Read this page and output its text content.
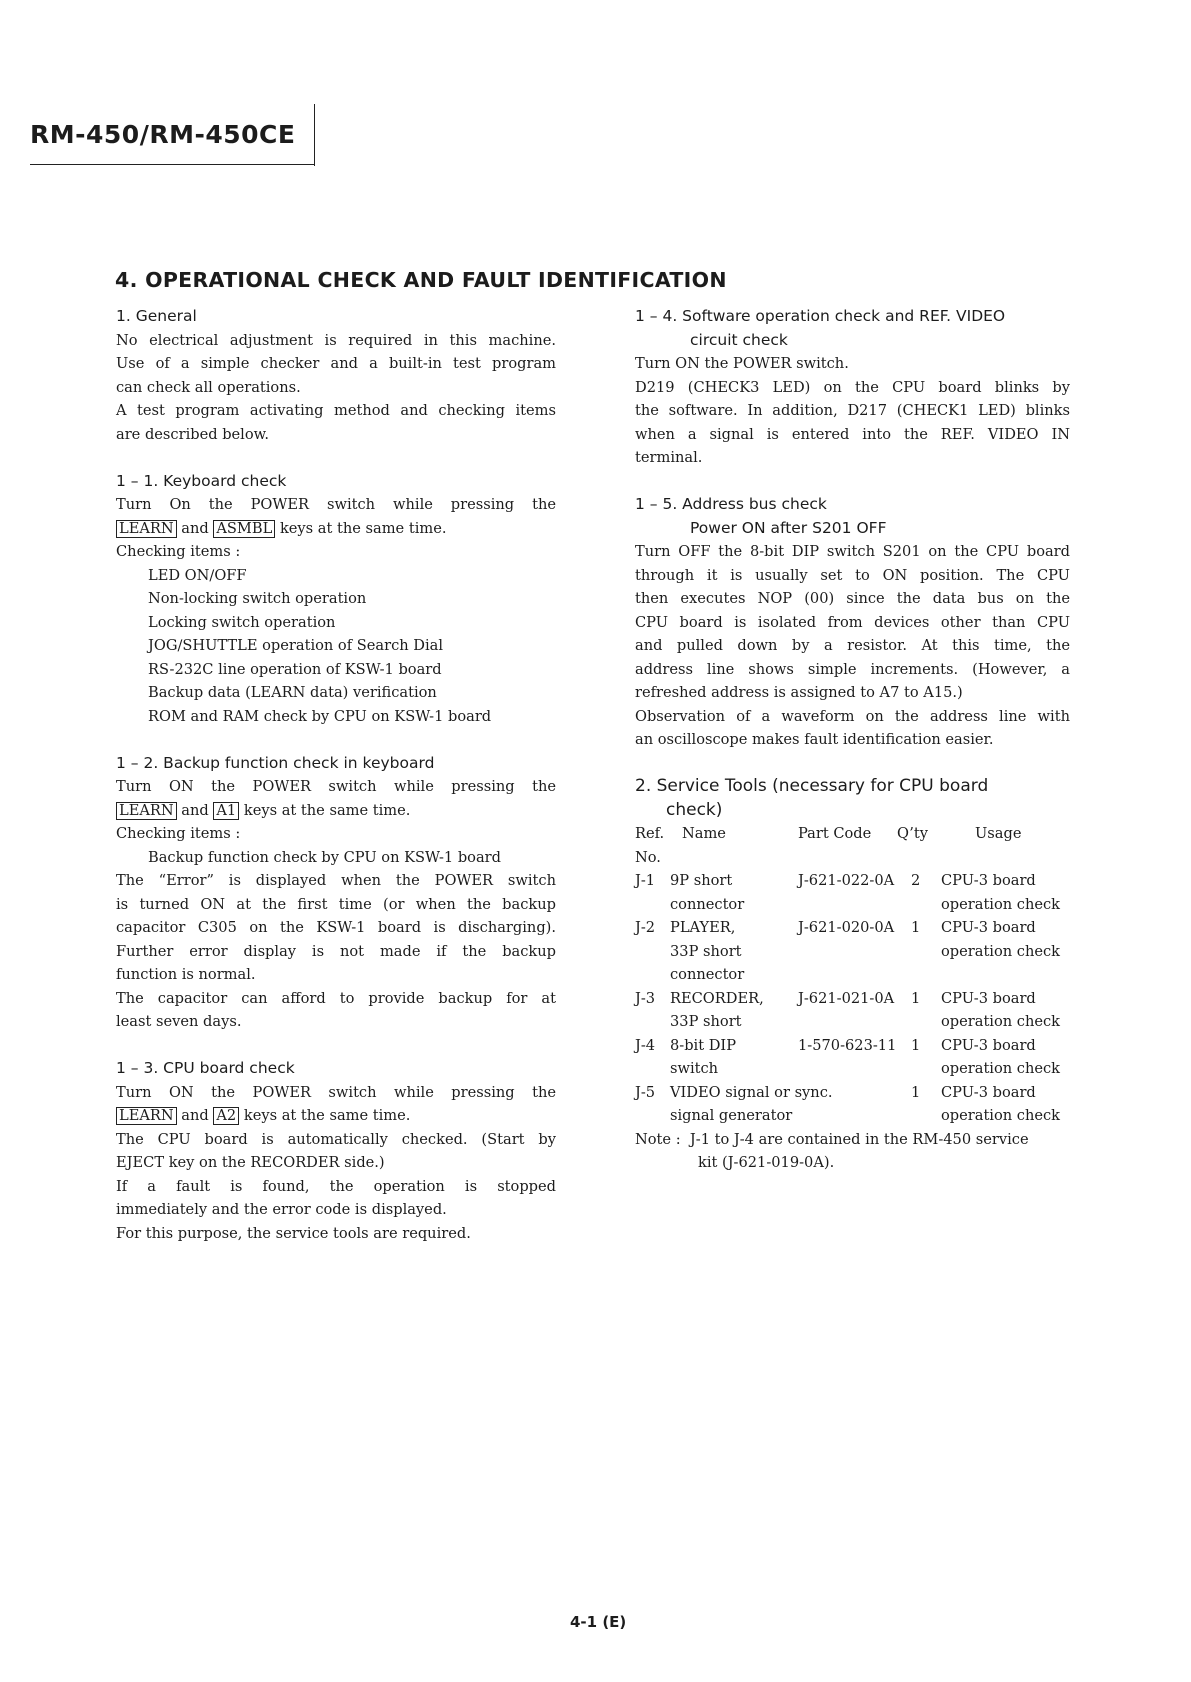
RM-450/RM-450CE
4. OPERATIONAL CHECK AND FAULT IDENTIFICATION
1. General
No electrical adjustment is required in this machine.
Use of a simple checker and a built-in test program
can check all operations.
A test program activating method and checking items
are described below.
1 – 1. Keyboard check
Turn On the POWER switch while pressing the
LEARN and ASMBL keys at the same time.
Checking items :
LED ON∕OFF
Non-locking switch operation
Locking switch operation
JOG∕SHUTTLE operation of Search Dial
RS-232C line operation of KSW-1 board
Backup data (LEARN data) verification
ROM and RAM check by CPU on KSW-1 board
1 – 2. Backup function check in keyboard
Turn ON the POWER switch while pressing the
LEARN and A1 keys at the same time.
Checking items :
Backup function check by CPU on KSW-1 board
The “Error” is displayed when the POWER switch
is turned ON at the first time (or when the backup
capacitor C305 on the KSW-1 board is discharging).
Further error display is not made if the backup
function is normal.
The capacitor can afford to provide backup for at
least seven days.
1 – 3. CPU board check
Turn ON the POWER switch while pressing the
LEARN and A2 keys at the same time.
The CPU board is automatically checked. (Start by
EJECT key on the RECORDER side.)
If a fault is found, the operation is stopped
immediately and the error code is displayed.
For this purpose, the service tools are required.
1 – 4. Software operation check and REF. VIDEO
circuit check
Turn ON the POWER switch.
D219 (CHECK3 LED) on the CPU board blinks by
the software. In addition, D217 (CHECK1 LED) blinks
when a signal is entered into the REF. VIDEO IN
terminal.
1 – 5. Address bus check
Power ON after S201 OFF
Turn OFF the 8-bit DIP switch S201 on the CPU board
through it is usually set to ON position. The CPU
then executes NOP (00) since the data bus on the
CPU board is isolated from devices other than CPU
and pulled down by a resistor. At this time, the
address line shows simple increments. (However, a
refreshed address is assigned to A7 to A15.)
Observation of a waveform on the address line with
an oscilloscope makes fault identification easier.
2. Service Tools (necessary for CPU board
check)
Ref. Name	Part Code Q’ty	Usage
No.
J-1 9P short	J-621-022-0A 2 CPU-3 board
connector	operation check
J-2 PLAYER,	J-621-020-0A 1 CPU-3 board
33P short	operation check
connector
J-3 RECORDER, J-621-021-0A 1 CPU-3 board
33P short	operation check
J-4 8-bit DIP	1-570-623-11 1 CPU-3 board
switch	operation check
J-5 VIDEO signal or sync.	1 CPU-3 board
signal generator	operation check
Note : J-1 to J-4 are contained in the RM-450 service
kit (J-621-019-0A).
4-1 (E)
